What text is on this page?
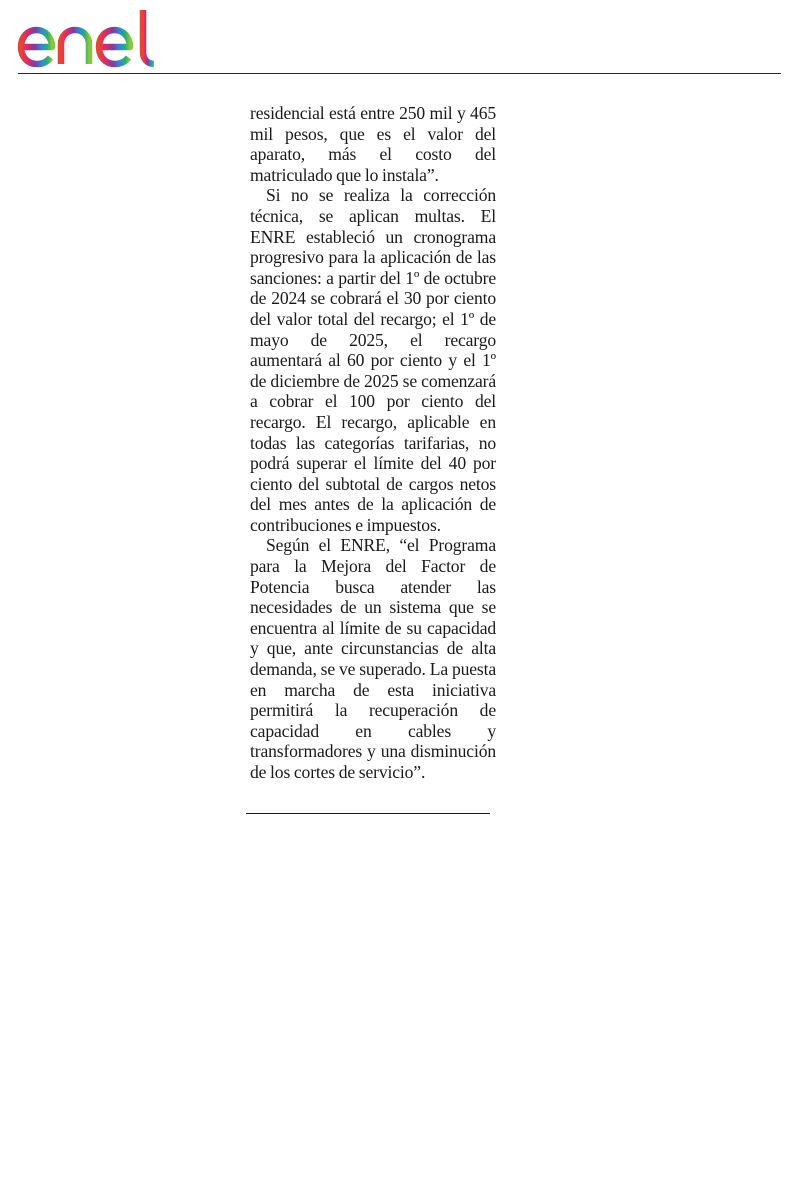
residencial está entre 250 mil y 465 mil pesos, que es el valor del aparato, más el costo del matriculado que lo instala”.

Si no se realiza la corrección técnica, se aplican multas. El ENRE estableció un cronograma progresivo para la aplicación de las sanciones: a partir del 1º de octubre de 2024 se cobrará el 30 por ciento del valor total del recargo; el 1º de mayo de 2025, el recargo aumentará al 60 por ciento y el 1º de diciembre de 2025 se comenzará a cobrar el 100 por ciento del recargo. El recargo, aplicable en todas las categorías tarifarias, no podrá superar el límite del 40 por ciento del subtotal de cargos netos del mes antes de la aplicación de contribuciones e impuestos.

Según el ENRE, “el Programa para la Mejora del Factor de Potencia busca atender las necesidades de un sistema que se encuentra al límite de su capacidad y que, ante circunstancias de alta demanda, se ve superado. La puesta en marcha de esta iniciativa permitirá la recuperación de capacidad en cables y transformadores y una disminución de los cortes de servicio”.
